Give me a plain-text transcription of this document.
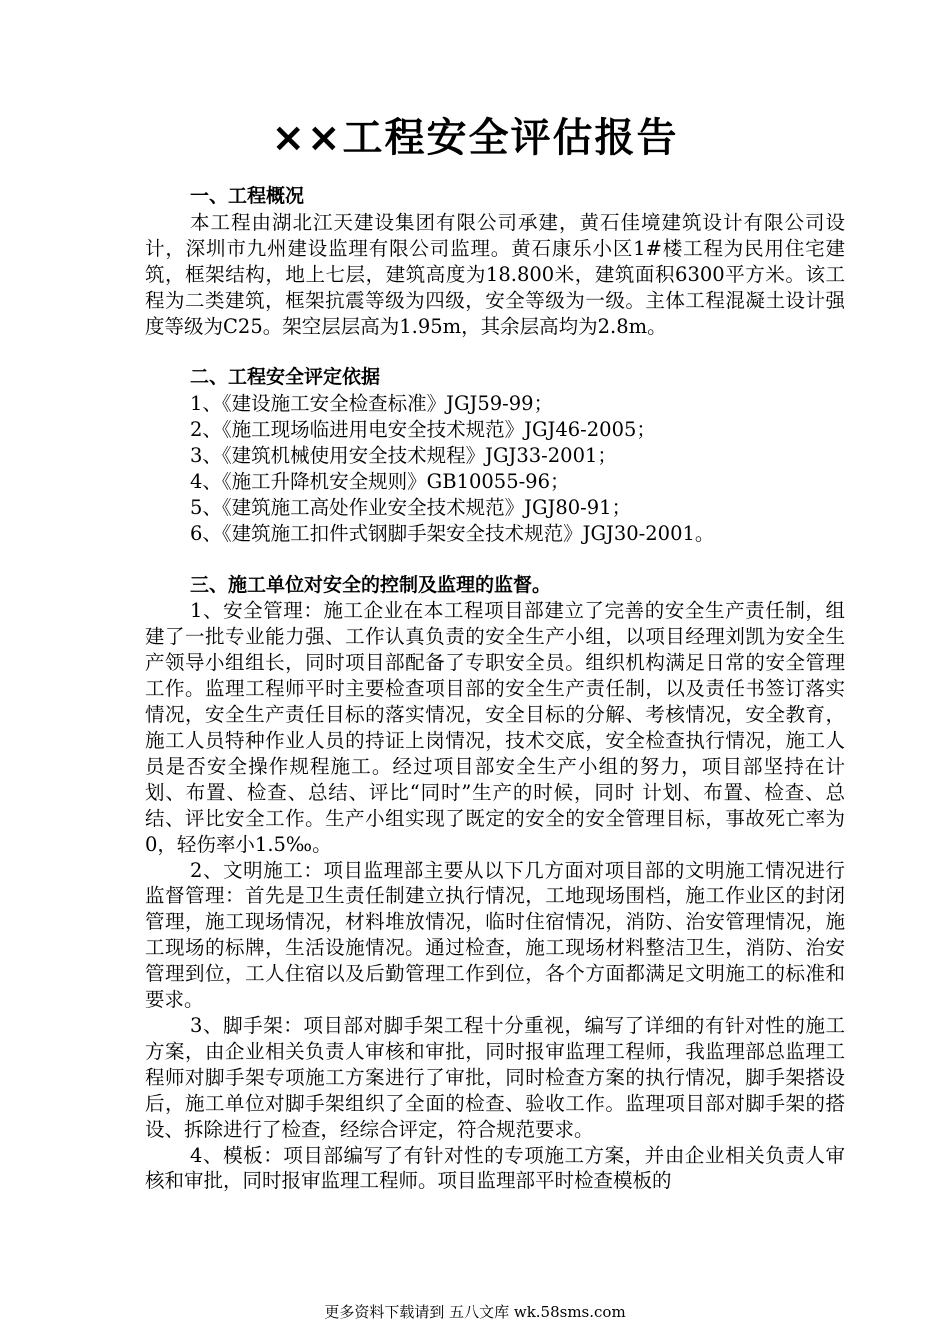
××工程安全评估报告
一、工程概况

本工程由湖北江天建设集团有限公司承建，黄石佳境建筑设计有限公司设计，深圳市九州建设监理有限公司监理。黄石康乐小区1#楼工程为民用住宅建筑，框架结构，地上七层，建筑高度为18.800米，建筑面积6300平方米。该工程为二类建筑，框架抗震等级为四级，安全等级为一级。主体工程混凝土设计强度等级为C25。架空层层高为1.95m，其余层高均为2.8m。

二、工程安全评定依据
1、《建设施工安全检查标准》JGJ59-99；
2、《施工现场临进用电安全技术规范》JGJ46-2005；
3、《建筑机械使用安全技术规程》JGJ33-2001；
4、《施工升降机安全规则》GB10055-96；
5、《建筑施工高处作业安全技术规范》JGJ80-91；
6、《建筑施工扣件式钢脚手架安全技术规范》JGJ30-2001。
三、施工单位对安全的控制及监理的监督。

1、安全管理：施工企业在本工程项目部建立了完善的安全生产责任制，组建了一批专业能力强、工作认真负责的安全生产小组，以项目经理刘凯为安全生产领导小组组长，同时项目部配备了专职安全员。组织机构满足日常的安全管理工作。监理工程师平时主要检查项目部的安全生产责任制，以及责任书签订落实情况，安全生产责任目标的落实情况，安全目标的分解、考核情况，安全教育，施工人员特种作业人员的持证上岗情况，技术交底，安全检查执行情况，施工人员是否安全操作规程施工。经过项目部安全生产小组的努力，项目部坚持在计划、布置、检查、总结、评比“同时”生产的时候，同时 计划、布置、检查、总结、评比安全工作。生产小组实现了既定的安全的安全管理目标，事故死亡率为0，轻伤率小1.5‰。

2、文明施工：项目监理部主要从以下几方面对项目部的文明施工情况进行监督管理：首先是卫生责任制建立执行情况，工地现场围档，施工作业区的封闭管理，施工现场情况，材料堆放情况，临时住宿情况，消防、治安管理情况，施工现场的标牌，生活设施情况。通过检查，施工现场材料整洁卫生，消防、治安管理到位，工人住宿以及后勤管理工作到位，各个方面都满足文明施工的标准和要求。

3、脚手架：项目部对脚手架工程十分重视，编写了详细的有针对性的施工方案，由企业相关负责人审核和审批，同时报审监理工程师，我监理部总监理工程师对脚手架专项施工方案进行了审批，同时检查方案的执行情况，脚手架搭设后，施工单位对脚手架组织了全面的检查、验收工作。监理项目部对脚手架的搭设、拆除进行了检查，经综合评定，符合规范要求。

4、模板：项目部编写了有针对性的专项施工方案，并由企业相关负责人审核和审批，同时报审监理工程师。项目监理部平时检查模板的

更多资料下载请到 五八文库 wk.58sms.com
